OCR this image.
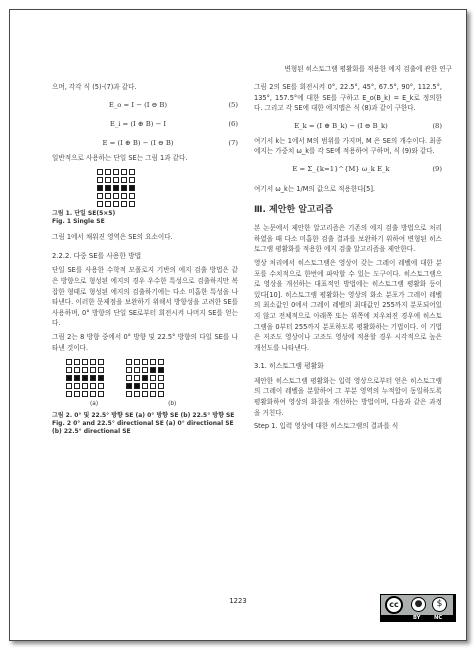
변형된 히스토그램 평활화를 적용한 에지 검출에 관한 연구

으며, 각각 식 (5)-(7)과 같다.

E_o = I − (I ⊖ B)	(5)
E_i = (I ⊕ B) − I	(6)
E = (I ⊕ B) − (I ⊖ B)	(7)

일반적으로 사용하는 단일 SE는 그림 1과 같다.

그림 1. 단일 SE(5×5)
Fig. 1 Single SE

그림 1에서 채워진 영역은 SE의 요소이다.

2.2.2. 다중 SE를 사용한 방법

단일 SE를 사용한 수학적 모폴로지 기반의 에지 검출 방법은 같은 방향으로 형성된 에지의 경우 우수한 특성으로 검출하지만 복잡한 형태로 형성된 에지의 검출하기에는 다소 미흡한 특성을 나타낸다. 이러한 문제점을 보완하기 위해서 방향성을 고려한 SE를 사용하며, 0° 방향의 단일 SE로부터 회전시켜 나머지 SE를 얻는다.

그림 2는 8 방향 중에서 0° 방향 및 22.5° 방향의 다일 SE를 나타낸 것이다.

(a)	(b)
그림 2. 0° 및 22.5° 방향 SE (a) 0° 방향 SE (b) 22.5° 방향 SE
Fig. 2 0° and 22.5° directional SE (a) 0° directional SE (b) 22.5° directional SE

그림 2의 SE를 회전시켜 0°, 22.5°, 45°, 67.5°, 90°, 112.5°, 135°, 157.5°에 대한 SE를 구하고 E_o(B_k) = E_k로 정의한다. 그리고 각 SE에 대한 에지맵은 식 (8)과 같이 구한다.

E_k = (I ⊕ B_k) − (I ⊖ B_k)	(8)

여기서 k는 1에서 M의 범위를 가지며, M 은 SE의 개수이다. 최종 에지는 가중치 ω_k를 각 SE에 적용하여 구하며, 식 (9)와 같다.

E = Σ_{k=1}^{M} ω_k E_k	(9)

여기서 ω_k는 1/M의 값으로 적용한다[5].

Ⅲ. 제안한 알고리즘

본 논문에서 제안한 알고리즘은 기존의 에지 검출 방법으로 처리하였을 때 다소 미흡한 검출 결과를 보완하기 위하여 변형된 히스토그램 평활화를 적용한 에지 검출 알고리즘을 제안한다.

영상 처리에서 히스토그램은 영상이 갖는 그레이 레벨에 대한 분포를 수치적으로 한번에 파악할 수 있는 도구이다. 히스토그램으로 영상을 개선하는 대표적인 방법에는 히스토그램 평활화 등이 있다[10]. 히스토그램 평활화는 영상의 화소 분포가 그레이 레벨의 최소값인 0에서 그레이 레벨의 최대값인 255까지 분포되어있지 않고 전체적으로 아래쪽 또는 위쪽에 치우쳐진 경우에 히스토그램을 0부터 255까지 분포하도록 평활화하는 기법이다. 이 기법은 저조도 영상이나 고조도 영상에 적용할 경우 시각적으로 높은 개선도를 나타낸다.

3.1. 히스토그램 평활화

제안한 히스토그램 평활화는 입력 영상으로부터 얻은 히스토그램의 그레이 레벨을 분할하여 그 부분 영역의 누적합이 동일하도록 평활화하여 영상의 화질을 개선하는 방법이며, 다음과 같은 과정을 거친다.

Step 1. 입력 영상에 대한 히스토그램의 결과를 식

1223	cc	●	$
BY	NC
